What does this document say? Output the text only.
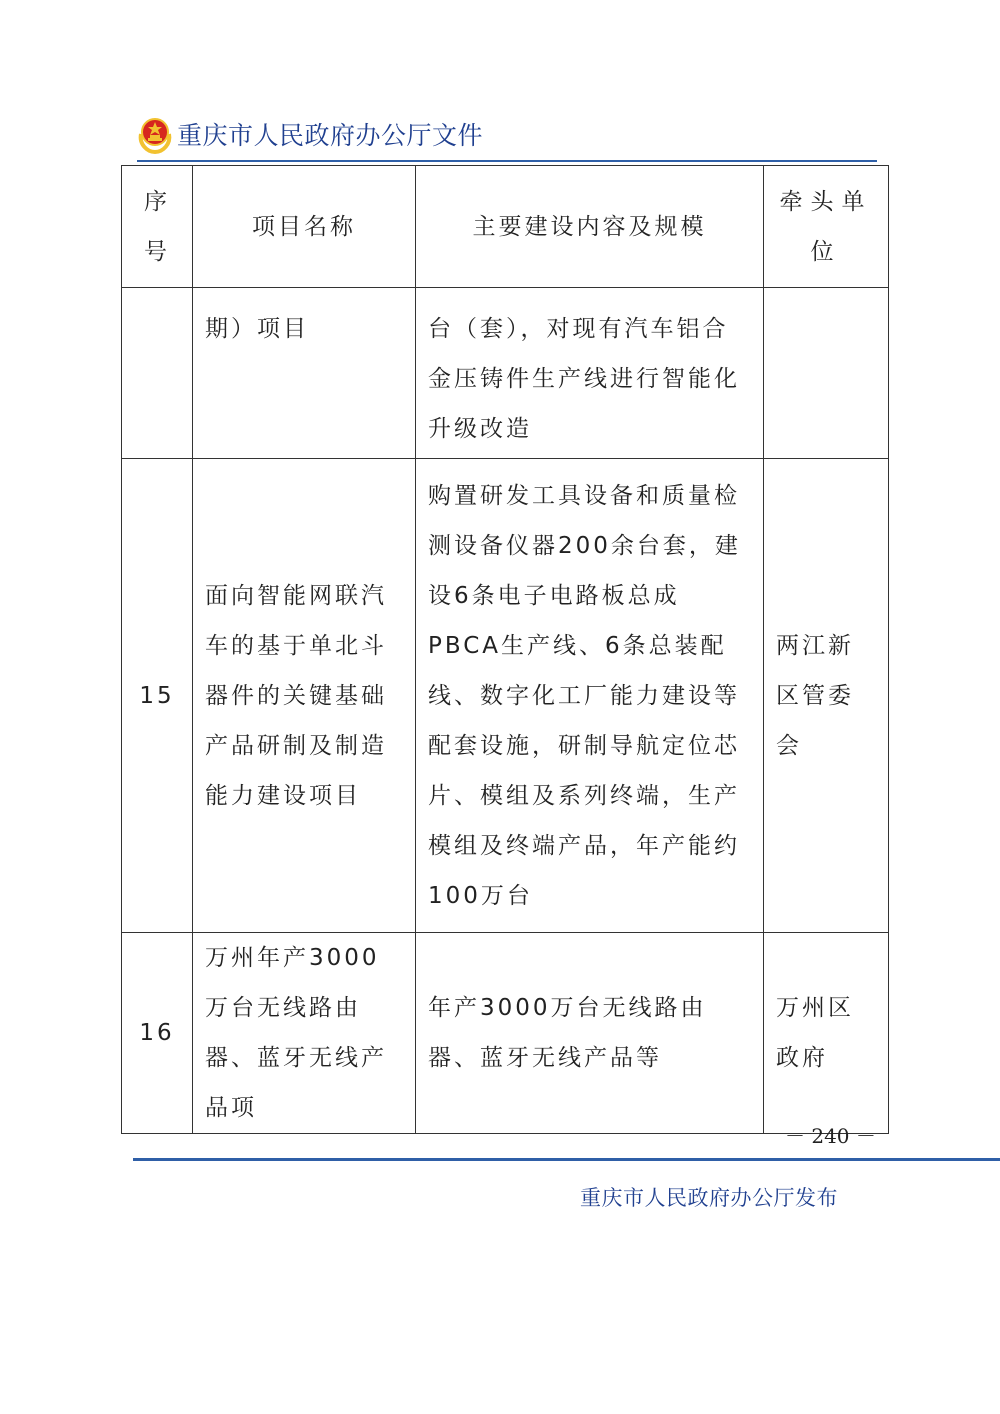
重庆市人民政府办公厅文件
序号	项目名称	主要建设内容及规模	牵头单位
	期）项目	台（套），对现有汽车铝合金压铸件生产线进行智能化升级改造	
15	面向智能网联汽车的基于单北斗器件的关键基础产品研制及制造能力建设项目	购置研发工具设备和质量检测设备仪器200余台套，建设6条电子电路板总成PBCA生产线、6条总装配线、数字化工厂能力建设等配套设施，研制导航定位芯片、模组及系列终端，生产模组及终端产品，年产能约100万台	两江新区管委会
16	万州年产3000万台无线路由器、蓝牙无线产品项	年产3000万台无线路由器、蓝牙无线产品等	万州区政府
－ 240 －
重庆市人民政府办公厅发布
